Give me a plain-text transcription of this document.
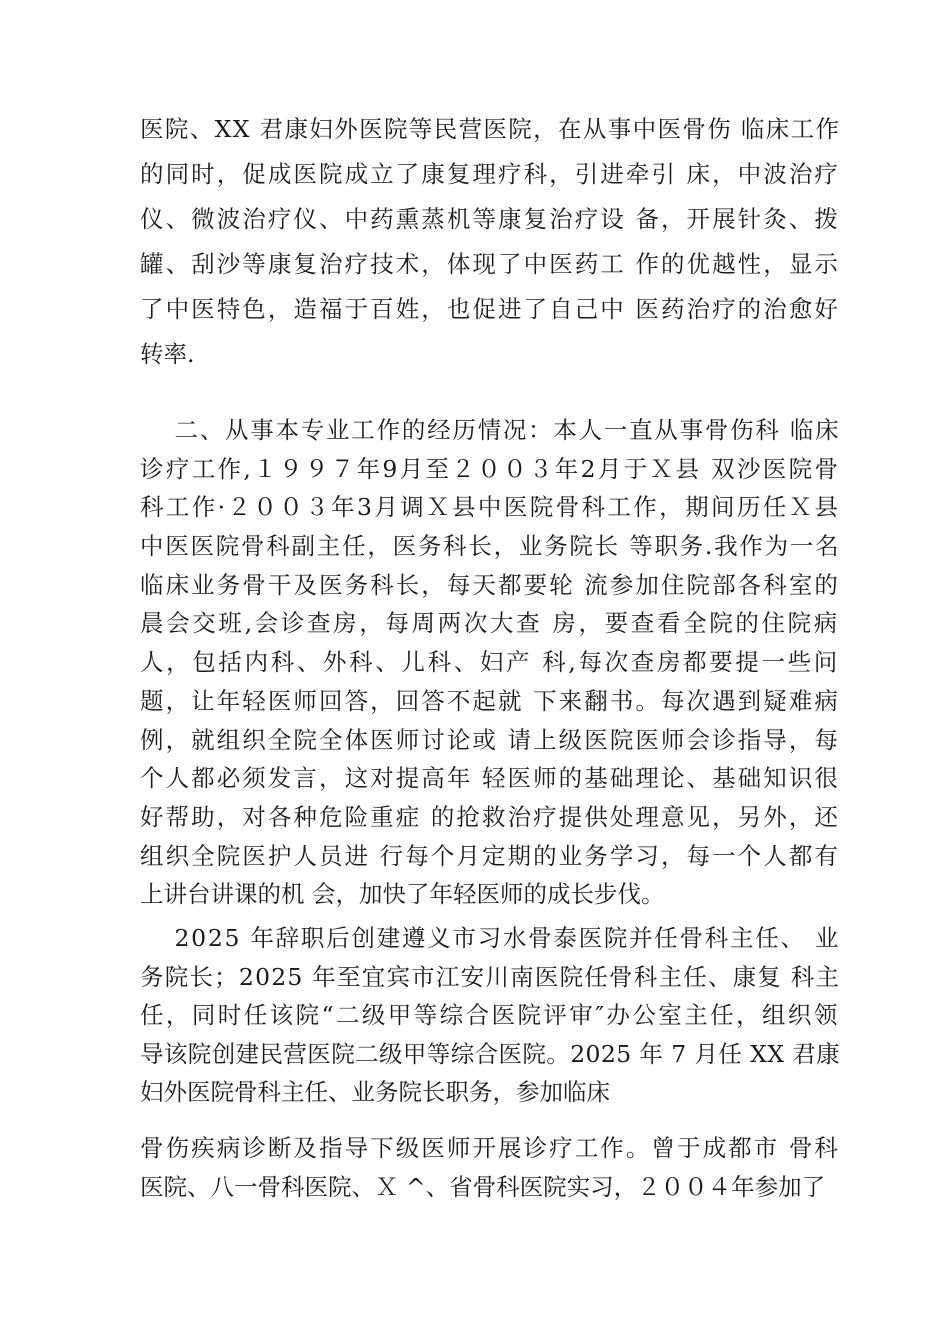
医院、XX 君康妇外医院等民营医院，在从事中医骨伤 临床工作
的同时，促成医院成立了康复理疗科，引进牵引 床，中波治疗
仪、微波治疗仪、中药熏蒸机等康复治疗设 备，开展针灸、拨
罐、刮沙等康复治疗技术，体现了中医药工 作的优越性，显示
了中医特色，造福于百姓，也促进了自己中 医药治疗的治愈好
转率.
　 二、从事本专业工作的经历情况：本人一直从事骨伤科 临床
诊疗工作,１９９７年9月至２００３年2月于Ｘ县 双沙医院骨
科工作·２００３年3月调Ｘ县中医院骨科工作，期间历任Ｘ县
中医医院骨科副主任，医务科长，业务院长 等职务.我作为一名
临床业务骨干及医务科长，每天都要轮 流参加住院部各科室的
晨会交班,会诊查房，每周两次大查 房，要查看全院的住院病
人，包括内科、外科、儿科、妇产 科,每次查房都要提一些问
题，让年轻医师回答，回答不起就 下来翻书。每次遇到疑难病
例，就组织全院全体医师讨论或 请上级医院医师会诊指导，每
个人都必须发言，这对提高年 轻医师的基础理论、基础知识很
好帮助，对各种危险重症 的抢救治疗提供处理意见，另外，还
组织全院医护人员进 行每个月定期的业务学习，每一个人都有
上讲台讲课的机 会，加快了年轻医师的成长步伐。
　 2025 年辞职后创建遵义市习水骨泰医院并任骨科主任、 业
务院长；2025 年至宜宾市江安川南医院任骨科主任、康复 科主
任，同时任该院“二级甲等综合医院评审″办公室主任，组织领
导该院创建民营医院二级甲等综合医院。2025 年 7 月任 XX 君康
妇外医院骨科主任、业务院长职务，参加临床
骨伤疾病诊断及指导下级医师开展诊疗工作。曾于成都市 骨科
医院、八一骨科医院、Ｘ ^、省骨科医院实习，２００４年参加了
